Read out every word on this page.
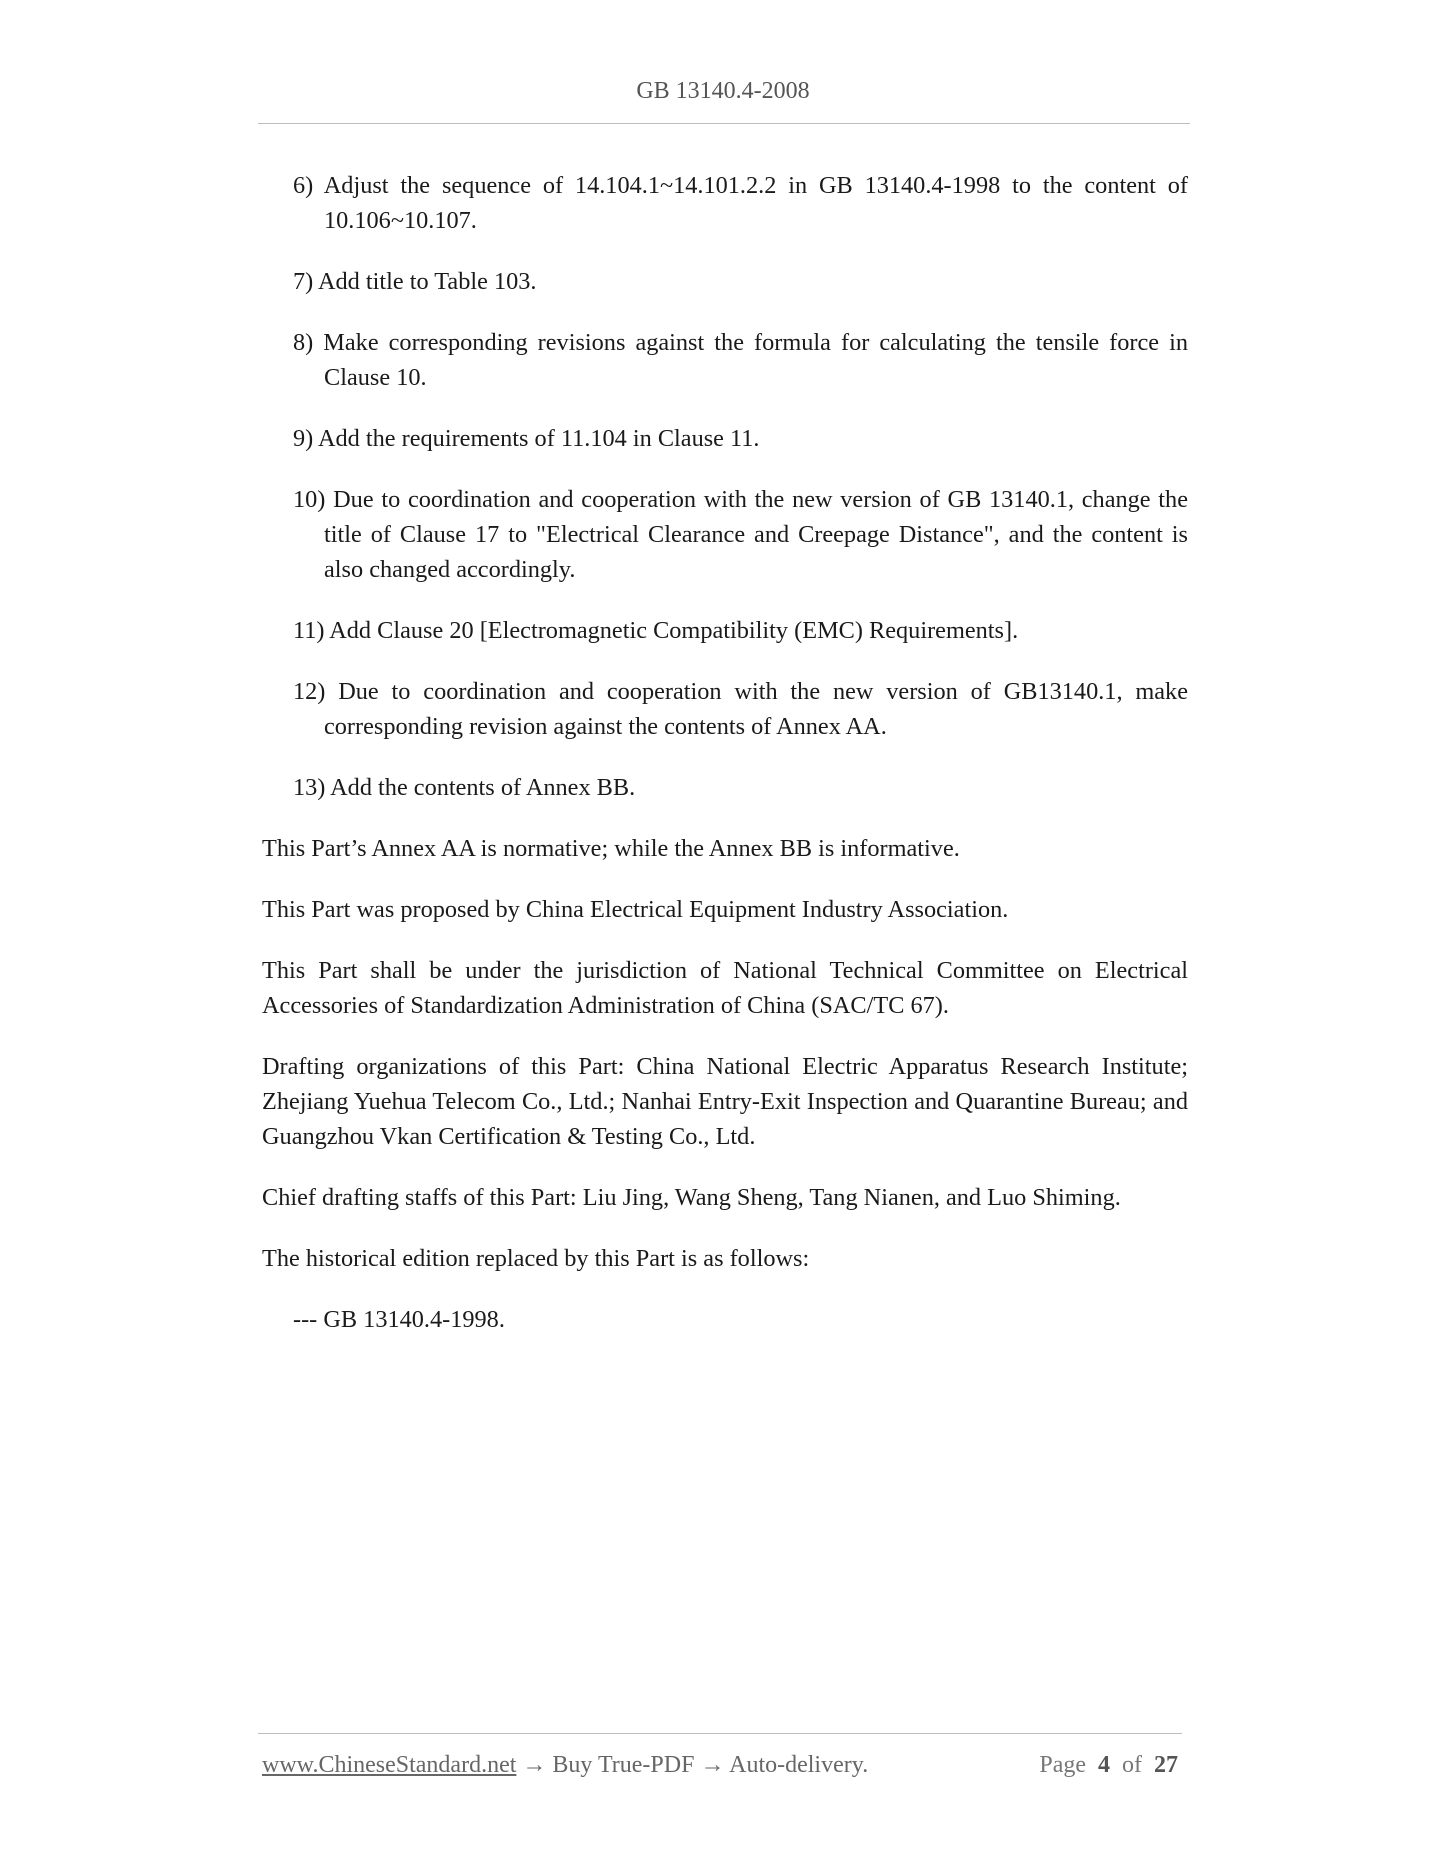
GB 13140.4-2008

6) Adjust the sequence of 14.104.1~14.101.2.2 in GB 13140.4-1998 to the content of 10.106~10.107.

7) Add title to Table 103.

8) Make corresponding revisions against the formula for calculating the tensile force in Clause 10.

9) Add the requirements of 11.104 in Clause 11.

10) Due to coordination and cooperation with the new version of GB 13140.1, change the title of Clause 17 to "Electrical Clearance and Creepage Distance", and the content is also changed accordingly.

11) Add Clause 20 [Electromagnetic Compatibility (EMC) Requirements].

12) Due to coordination and cooperation with the new version of GB13140.1, make corresponding revision against the contents of Annex AA.

13) Add the contents of Annex BB.

This Part’s Annex AA is normative; while the Annex BB is informative.

This Part was proposed by China Electrical Equipment Industry Association.

This Part shall be under the jurisdiction of National Technical Committee on Electrical Accessories of Standardization Administration of China (SAC/TC 67).

Drafting organizations of this Part: China National Electric Apparatus Research Institute; Zhejiang Yuehua Telecom Co., Ltd.; Nanhai Entry-Exit Inspection and Quarantine Bureau; and Guangzhou Vkan Certification & Testing Co., Ltd.

Chief drafting staffs of this Part: Liu Jing, Wang Sheng, Tang Nianen, and Luo Shiming.

The historical edition replaced by this Part is as follows:

--- GB 13140.4-1998.

www.ChineseStandard.net → Buy True-PDF → Auto-delivery.	Page 4 of 27
